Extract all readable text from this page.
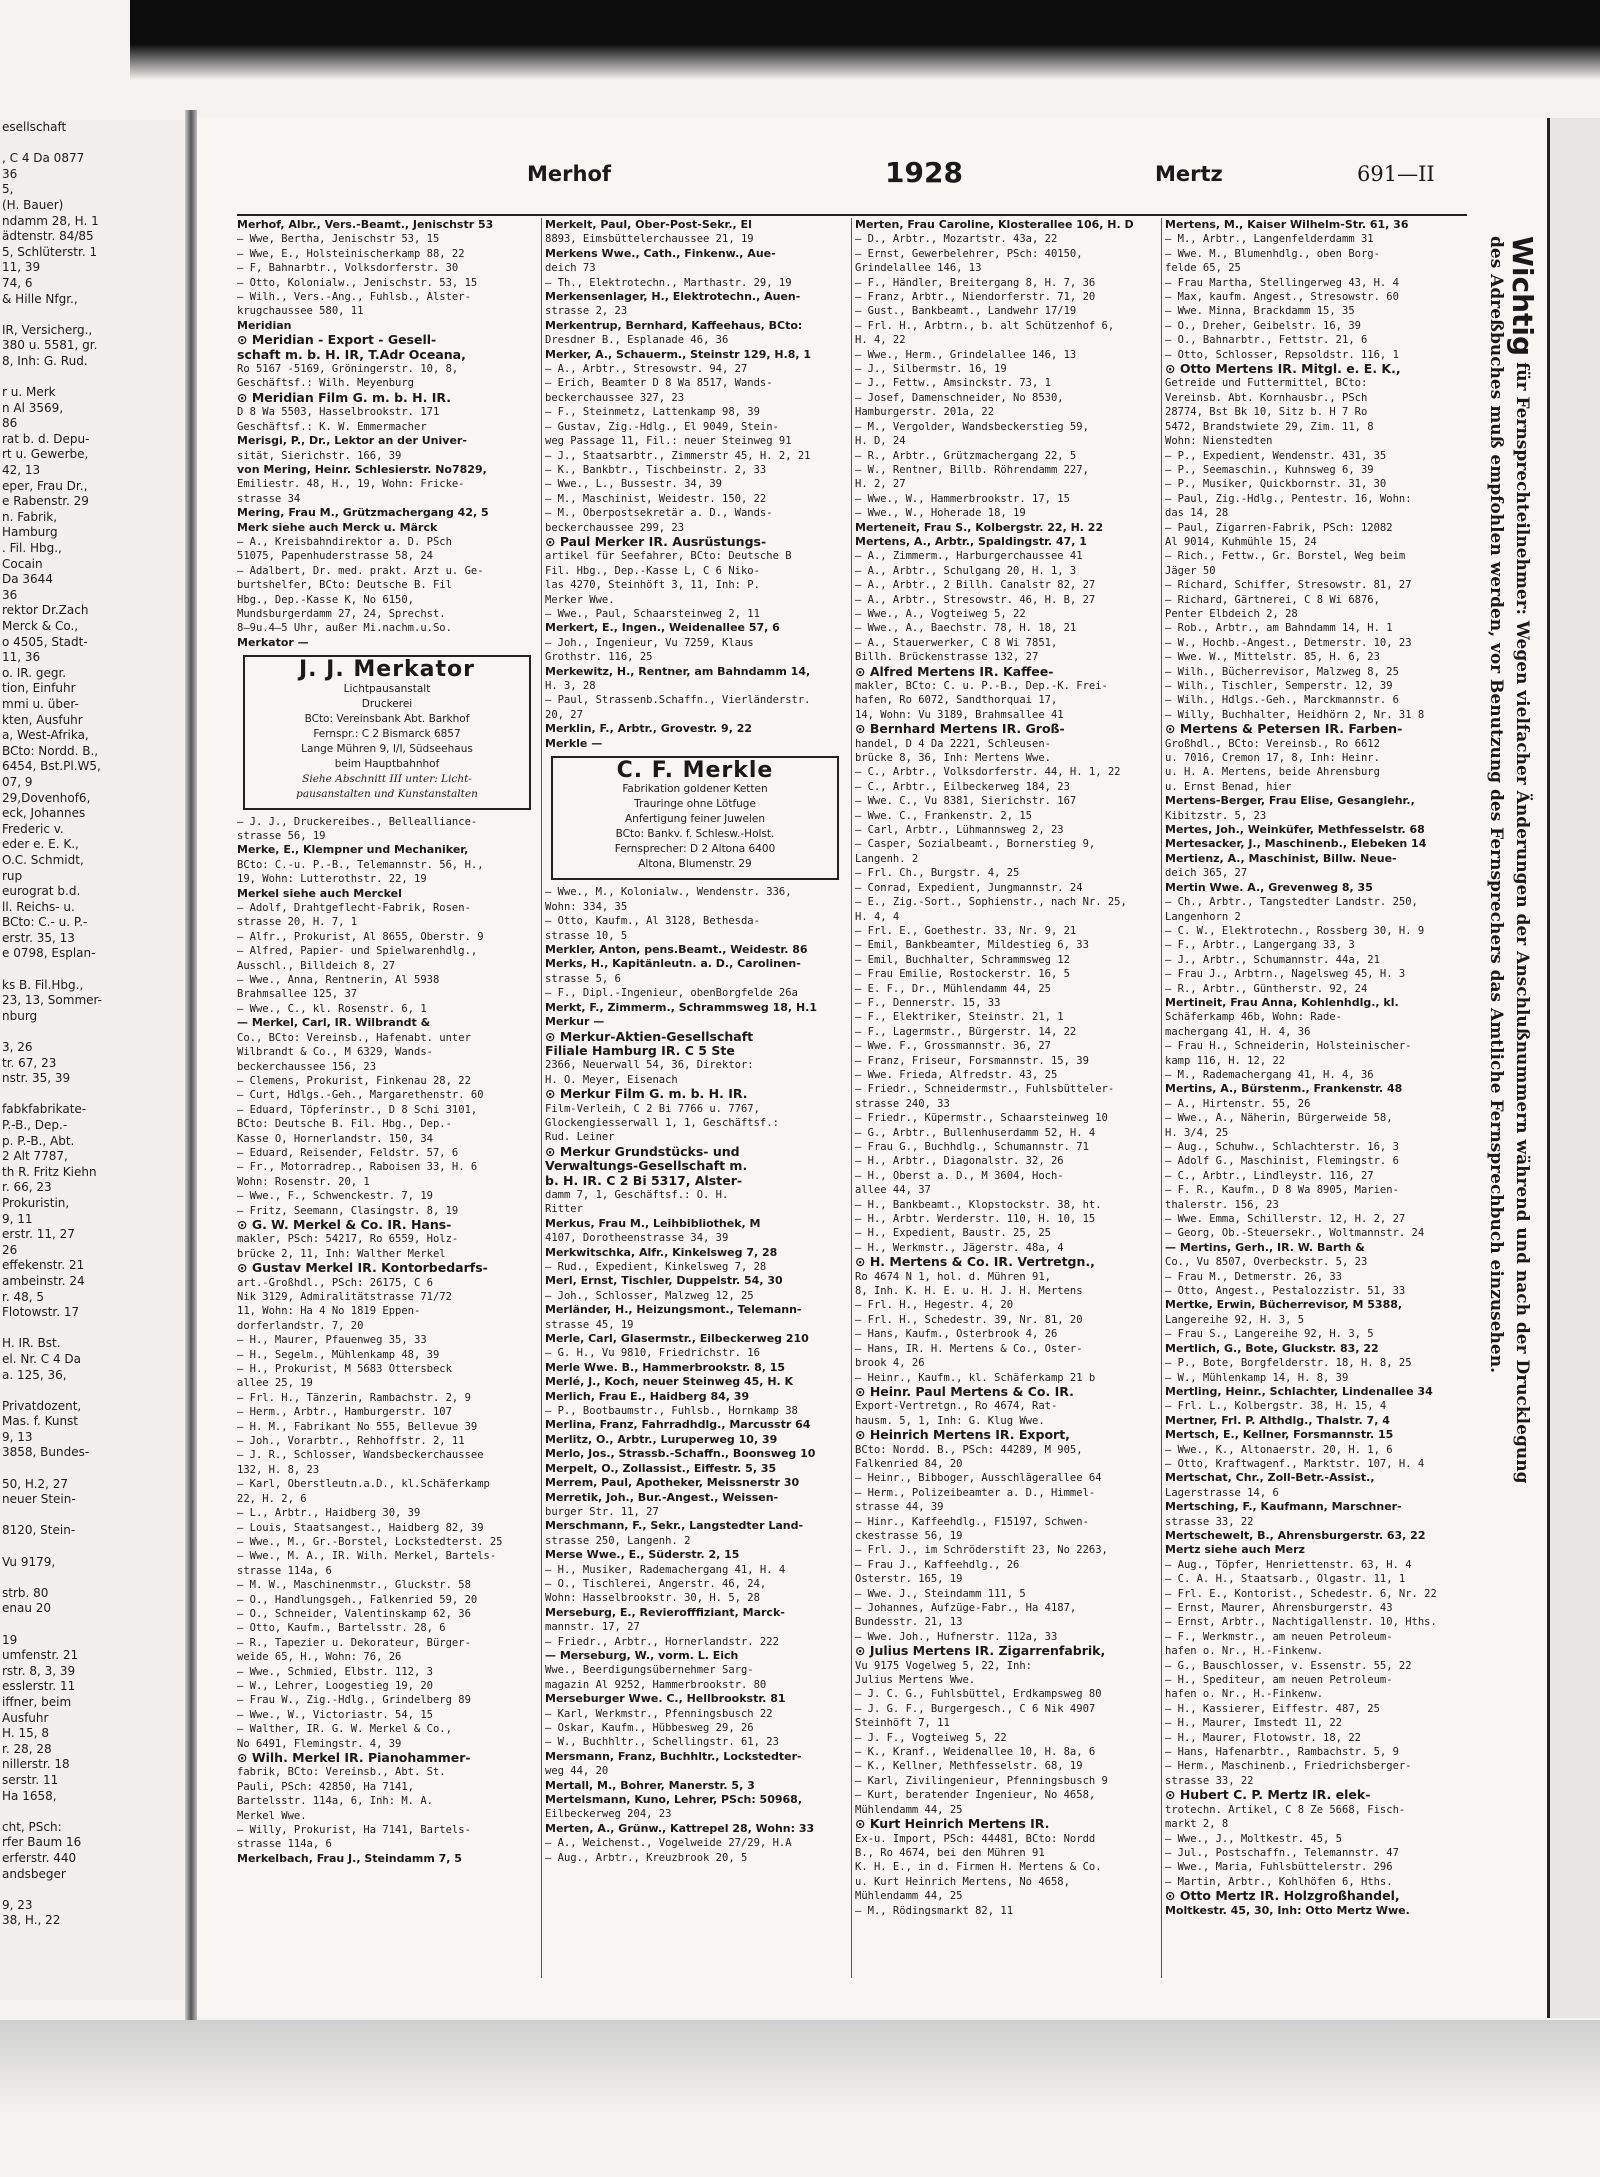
esellschaft

, C 4 Da 0877
36
5,
(H. Bauer)
ndamm 28, H. 1
ädtenstr. 84/85
5, Schlüterstr. 1
11, 39
74, 6
& Hille Nfgr.,

IR, Versicherg.,
380 u. 5581, gr.
8, Inh: G. Rud.

r u. Merk
n Al 3569,
86
rat b. d. Depu-
rt u. Gewerbe,
42, 13
eper, Frau Dr.,
e Rabenstr. 29
n. Fabrik,
Hamburg
. Fil. Hbg.,
Cocain
Da 3644
36
rektor Dr.Zach
Merck & Co.,
o 4505, Stadt-
11, 36
o. IR. gegr.
tion, Einfuhr
mmi u. über-
kten, Ausfuhr
a, West-Afrika,
BCto: Nordd. B.,
6454, Bst.Pl.W5,
07, 9
29,Dovenhof6,
eck, Johannes
Frederic v.
eder e. E. K.,
O.C. Schmidt,
rup
eurograt b.d.
ll. Reichs- u.
BCto: C.- u. P.-
erstr. 35, 13
e 0798, Esplan-

ks B. Fil.Hbg.,
23, 13, Sommer-
nburg

3, 26
tr. 67, 23
nstr. 35, 39

fabkfabrikate-
P.-B., Dep.-
p. P.-B., Abt.
2 Alt 7787,
th R. Fritz Kiehn
r. 66, 23
Prokuristin,
9, 11
erstr. 11, 27
26
effekenstr. 21
ambeinstr. 24
r. 48, 5
Flotowstr. 17

H. IR. Bst.
el. Nr. C 4 Da
a. 125, 36,

Privatdozent,
Mas. f. Kunst
9, 13
3858, Bundes-

50, H.2, 27
neuer Stein-

8120, Stein-

Vu 9179,

strb. 80
enau 20

19
umfenstr. 21
rstr. 8, 3, 39
esslerstr. 11
iffner, beim
Ausfuhr
H. 15, 8
r. 28, 28
nillerstr. 18
serstr. 11
Ha 1658,

cht, PSch:
rfer Baum 16
erferstr. 440
andsbeger

9, 23
38, H., 22
Merhof	1928	Mertz	691—II
Merhof, Albr., Vers.-Beamt., Jenischstr 53
— Wwe, Bertha, Jenischstr 53, 15
— Wwe, E., Holsteinischerkamp 88, 22
— F, Bahnarbtr., Volksdorferstr. 30
— Otto, Kolonialw., Jenischstr. 53, 15
— Wilh., Vers.-Ang., Fuhlsb., Alster-
krugchaussee 580, 11
Meridian
⊙ Meridian - Export - Gesell-
schaft m. b. H. IR, T.Adr Oceana,
Ro 5167 -5169, Gröningerstr. 10, 8,
Geschäftsf.: Wilh. Meyenburg
⊙ Meridian Film G. m. b. H. IR.
D 8 Wa 5503, Hasselbrookstr. 171
Geschäftsf.: K. W. Emmermacher
Merisgi, P., Dr., Lektor an der Univer-
sität, Sierichstr. 166, 39
von Mering, Heinr. Schlesierstr. No7829,
Emiliestr. 48, H., 19, Wohn: Fricke-
strasse 34
Mering, Frau M., Grützmachergang 42, 5
Merk siehe auch Merck u. Märck
— A., Kreisbahndirektor a. D. PSch
51075, Papenhuderstrasse 58, 24
— Adalbert, Dr. med. prakt. Arzt u. Ge-
burtshelfer, BCto: Deutsche B. Fil
Hbg., Dep.-Kasse K, No 6150,
Mundsburgerdamm 27, 24, Sprechst.
8—9u.4—5 Uhr, außer Mi.nachm.u.So.
Merkator —
J. J. Merkator
Lichtpausanstalt
Druckerei
BCto: Vereinsbank Abt. Barkhof
Fernspr.: C 2 Bismarck 6857
Lange Mühren 9, I/I, Südseehaus
beim Hauptbahnhof
Siehe Abschnitt III unter: Licht-
pausanstalten und Kunstanstalten
— J. J., Druckereibes., Bellealliance-
strasse 56, 19
Merke, E., Klempner und Mechaniker,
BCto: C.-u. P.-B., Telemannstr. 56, H.,
19, Wohn: Lutterothstr. 22, 19
Merkel siehe auch Merckel
— Adolf, Drahtgeflecht-Fabrik, Rosen-
strasse 20, H. 7, 1
— Alfr., Prokurist, Al 8655, Oberstr. 9
— Alfred, Papier- und Spielwarenhdlg.,
Ausschl., Billdeich 8, 27
— Wwe., Anna, Rentnerin, Al 5938
Brahmsallee 125, 37
— Wwe., C., kl. Rosenstr. 6, 1
— Merkel, Carl, IR. Wilbrandt &
Co., BCto: Vereinsb., Hafenabt. unter
Wilbrandt & Co., M 6329, Wands-
beckerchaussee 156, 23
— Clemens, Prokurist, Finkenau 28, 22
— Curt, Hdlgs.-Geh., Margarethenstr. 60
— Eduard, Töpferinstr., D 8 Schi 3101,
BCto: Deutsche B. Fil. Hbg., Dep.-
Kasse O, Hornerlandstr. 150, 34
— Eduard, Reisender, Feldstr. 57, 6
— Fr., Motorradrep., Raboisen 33, H. 6
Wohn: Rosenstr. 20, 1
— Wwe., F., Schwenckestr. 7, 19
— Fritz, Seemann, Clasingstr. 8, 19
⊙ G. W. Merkel & Co. IR. Hans-
makler, PSch: 54217, Ro 6559, Holz-
brücke 2, 11, Inh: Walther Merkel
⊙ Gustav Merkel IR. Kontorbedarfs-
art.-Großhdl., PSch: 26175, C 6
Nik 3129, Admiralitätstrasse 71/72
11, Wohn: Ha 4 No 1819 Eppen-
dorferlandstr. 7, 20
— H., Maurer, Pfauenweg 35, 33
— H., Segelm., Mühlenkamp 48, 39
— H., Prokurist, M 5683 Ottersbeck
allee 25, 19
— Frl. H., Tänzerin, Rambachstr. 2, 9
— Herm., Arbtr., Hamburgerstr. 107
— H. M., Fabrikant No 555, Bellevue 39
— Joh., Vorarbtr., Rehhoffstr. 2, 11
— J. R., Schlosser, Wandsbeckerchaussee
132, H. 8, 23
— Karl, Oberstleutn.a.D., kl.Schäferkamp
22, H. 2, 6
— L., Arbtr., Haidberg 30, 39
— Louis, Staatsangest., Haidberg 82, 39
— Wwe., M., Gr.-Borstel, Lockstedterst. 25
— Wwe., M. A., IR. Wilh. Merkel, Bartels-
strasse 114a, 6
— M. W., Maschinenmstr., Gluckstr. 58
— O., Handlungsgeh., Falkenried 59, 20
— O., Schneider, Valentinskamp 62, 36
— Otto, Kaufm., Bartelsstr. 28, 6
— R., Tapezier u. Dekorateur, Bürger-
weide 65, H., Wohn: 76, 26
— Wwe., Schmied, Elbstr. 112, 3
— W., Lehrer, Loogestieg 19, 20
— Frau W., Zig.-Hdlg., Grindelberg 89
— Wwe., W., Victoriastr. 54, 15
— Walther, IR. G. W. Merkel & Co.,
No 6491, Flemingstr. 4, 39
⊙ Wilh. Merkel IR. Pianohammer-
fabrik, BCto: Vereinsb., Abt. St.
Pauli, PSch: 42850, Ha 7141,
Bartelsstr. 114a, 6, Inh: M. A.
Merkel Wwe.
— Willy, Prokurist, Ha 7141, Bartels-
strasse 114a, 6
Merkelbach, Frau J., Steindamm 7, 5
Merkelt, Paul, Ober-Post-Sekr., El
8893, Eimsbüttelerchaussee 21, 19
Merkens Wwe., Cath., Finkenw., Aue-
deich 73
— Th., Elektrotechn., Marthastr. 29, 19
Merkensenlager, H., Elektrotechn., Auen-
strasse 2, 23
Merkentrup, Bernhard, Kaffeehaus, BCto:
Dresdner B., Esplanade 46, 36
Merker, A., Schauerm., Steinstr 129, H.8, 1
— A., Arbtr., Stresowstr. 94, 27
— Erich, Beamter D 8 Wa 8517, Wands-
beckerchaussee 327, 23
— F., Steinmetz, Lattenkamp 98, 39
— Gustav, Zig.-Hdlg., El 9049, Stein-
weg Passage 11, Fil.: neuer Steinweg 91
— J., Staatsarbtr., Zimmerstr 45, H. 2, 21
— K., Bankbtr., Tischbeinstr. 2, 33
— Wwe., L., Bussestr. 34, 39
— M., Maschinist, Weidestr. 150, 22
— M., Oberpostsekretär a. D., Wands-
beckerchaussee 299, 23
⊙ Paul Merker IR. Ausrüstungs-
artikel für Seefahrer, BCto: Deutsche B
Fil. Hbg., Dep.-Kasse L, C 6 Niko-
las 4270, Steinhöft 3, 11, Inh: P.
Merker Wwe.
— Wwe., Paul, Schaarsteinweg 2, 11
Merkert, E., Ingen., Weidenallee 57, 6
— Joh., Ingenieur, Vu 7259, Klaus
Grothstr. 116, 25
Merkewitz, H., Rentner, am Bahndamm 14,
H. 3, 28
— Paul, Strassenb.Schaffn., Vierländerstr.
20, 27
Merklin, F., Arbtr., Grovestr. 9, 22
Merkle —
C. F. Merkle
Fabrikation goldener Ketten
Trauringe ohne Lötfuge
Anfertigung feiner Juwelen
BCto: Bankv. f. Schlesw.-Holst.
Fernsprecher: D 2 Altona 6400
Altona, Blumenstr. 29
— Wwe., M., Kolonialw., Wendenstr. 336,
Wohn: 334, 35
— Otto, Kaufm., Al 3128, Bethesda-
strasse 10, 5
Merkler, Anton, pens.Beamt., Weidestr. 86
Merks, H., Kapitänleutn. a. D., Carolinen-
strasse 5, 6
— F., Dipl.-Ingenieur, obenBorgfelde 26a
Merkt, F., Zimmerm., Schrammsweg 18, H.1
Merkur —
⊙ Merkur-Aktien-Gesellschaft
Filiale Hamburg IR. C 5 Ste
2366, Neuerwall 54, 36, Direktor:
H. O. Meyer, Eisenach
⊙ Merkur Film G. m. b. H. IR.
Film-Verleih, C 2 Bi 7766 u. 7767,
Glockengiesserwall 1, 1, Geschäftsf.:
Rud. Leiner
⊙ Merkur Grundstücks- und
Verwaltungs-Gesellschaft m.
b. H. IR. C 2 Bi 5317, Alster-
damm 7, 1, Geschäftsf.: O. H.
Ritter
Merkus, Frau M., Leihbibliothek, M
4107, Dorotheenstrasse 34, 39
Merkwitschka, Alfr., Kinkelsweg 7, 28
— Rud., Expedient, Kinkelsweg 7, 28
Merl, Ernst, Tischler, Duppelstr. 54, 30
— Joh., Schlosser, Malzweg 12, 25
Merländer, H., Heizungsmont., Telemann-
strasse 45, 19
Merle, Carl, Glasermstr., Eilbeckerweg 210
— G. H., Vu 9810, Friedrichstr. 16
Merle Wwe. B., Hammerbrookstr. 8, 15
Merlé, J., Koch, neuer Steinweg 45, H. K
Merlich, Frau E., Haidberg 84, 39
— P., Bootbaumstr., Fuhlsb., Hornkamp 38
Merlina, Franz, Fahrradhdlg., Marcusstr 64
Merlitz, O., Arbtr., Luruperweg 10, 39
Merlo, Jos., Strassb.-Schaffn., Boonsweg 10
Merpelt, O., Zollassist., Eiffestr. 5, 35
Merrem, Paul, Apotheker, Meissnerstr 30
Merretik, Joh., Bur.-Angest., Weissen-
burger Str. 11, 27
Merschmann, F., Sekr., Langstedter Land-
strasse 250, Langenh. 2
Merse Wwe., E., Süderstr. 2, 15
— H., Musiker, Rademachergang 41, H. 4
— O., Tischlerei, Angerstr. 46, 24,
Wohn: Hasselbrookstr. 30, H. 5, 28
Merseburg, E., Revierofffiziant, Marck-
mannstr. 17, 27
— Friedr., Arbtr., Hornerlandstr. 222
— Merseburg, W., vorm. L. Eich
Wwe., Beerdigungsübernehmer Sarg-
magazin Al 9252, Hammerbrookstr. 80
Merseburger Wwe. C., Hellbrookstr. 81
— Karl, Werkmstr., Pfenningsbusch 22
— Oskar, Kaufm., Hübbesweg 29, 26
— W., Buchhltr., Schellingstr. 61, 23
Mersmann, Franz, Buchhltr., Lockstedter-
weg 44, 20
Mertall, M., Bohrer, Manerstr. 5, 3
Mertelsmann, Kuno, Lehrer, PSch: 50968,
Eilbeckerweg 204, 23
Merten, A., Grünw., Kattrepel 28, Wohn: 33
— A., Weichenst., Vogelweide 27/29, H.A
— Aug., Arbtr., Kreuzbrook 20, 5
Merten, Frau Caroline, Klosterallee 106, H. D
— D., Arbtr., Mozartstr. 43a, 22
— Ernst, Gewerbelehrer, PSch: 40150,
Grindelallee 146, 13
— F., Händler, Breitergang 8, H. 7, 36
— Franz, Arbtr., Niendorferstr. 71, 20
— Gust., Bankbeamt., Landwehr 17/19
— Frl. H., Arbtrn., b. alt Schützenhof 6,
H. 4, 22
— Wwe., Herm., Grindelallee 146, 13
— J., Silbermstr. 16, 19
— J., Fettw., Amsinckstr. 73, 1
— Josef, Damenschneider, No 8530,
Hamburgerstr. 201a, 22
— M., Vergolder, Wandsbeckerstieg 59,
H. D, 24
— R., Arbtr., Grützmachergang 22, 5
— W., Rentner, Billb. Röhrendamm 227,
H. 2, 27
— Wwe., W., Hammerbrookstr. 17, 15
— Wwe., W., Hoherade 18, 19
Merteneit, Frau S., Kolbergstr. 22, H. 22
Mertens, A., Arbtr., Spaldingstr. 47, 1
— A., Zimmerm., Harburgerchaussee 41
— A., Arbtr., Schulgang 20, H. 1, 3
— A., Arbtr., 2 Billh. Canalstr 82, 27
— A., Arbtr., Stresowstr. 46, H. B, 27
— Wwe., A., Vogteiweg 5, 22
— Wwe., A., Baechstr. 78, H. 18, 21
— A., Stauerwerker, C 8 Wi 7851,
Billh. Brückenstrasse 132, 27
⊙ Alfred Mertens IR. Kaffee-
makler, BCto: C. u. P.-B., Dep.-K. Frei-
hafen, Ro 6072, Sandthorquai 17,
14, Wohn: Vu 3189, Brahmsallee 41
⊙ Bernhard Mertens IR. Groß-
handel, D 4 Da 2221, Schleusen-
brücke 8, 36, Inh: Mertens Wwe.
— C., Arbtr., Volksdorferstr. 44, H. 1, 22
— C., Arbtr., Eilbeckerweg 184, 23
— Wwe. C., Vu 8381, Sierichstr. 167
— Wwe. C., Frankenstr. 2, 15
— Carl, Arbtr., Lühmannsweg 2, 23
— Casper, Sozialbeamt., Bornerstieg 9,
Langenh. 2
— Frl. Ch., Burgstr. 4, 25
— Conrad, Expedient, Jungmannstr. 24
— E., Zig.-Sort., Sophienstr., nach Nr. 25,
H. 4, 4
— Frl. E., Goethestr. 33, Nr. 9, 21
— Emil, Bankbeamter, Mildestieg 6, 33
— Emil, Buchhalter, Schrammsweg 12
— Frau Emilie, Rostockerstr. 16, 5
— E. F., Dr., Mühlendamm 44, 25
— F., Dennerstr. 15, 33
— F., Elektriker, Steinstr. 21, 1
— F., Lagermstr., Bürgerstr. 14, 22
— Wwe. F., Grossmannstr. 36, 27
— Franz, Friseur, Forsmannstr. 15, 39
— Wwe. Frieda, Alfredstr. 43, 25
— Friedr., Schneidermstr., Fuhlsbütteler-
strasse 240, 33
— Friedr., Küpermstr., Schaarsteinweg 10
— G., Arbtr., Bullenhuserdamm 52, H. 4
— Frau G., Buchhdlg., Schumannstr. 71
— H., Arbtr., Diagonalstr. 32, 26
— H., Oberst a. D., M 3604, Hoch-
allee 44, 37
— H., Bankbeamt., Klopstockstr. 38, ht.
— H., Arbtr. Werderstr. 110, H. 10, 15
— H., Expedient, Baustr. 25, 25
— H., Werkmstr., Jägerstr. 48a, 4
⊙ H. Mertens & Co. IR. Vertretgn.,
Ro 4674 N 1, hol. d. Mühren 91,
8, Inh. K. H. E. u. H. J. H. Mertens
— Frl. H., Hegestr. 4, 20
— Frl. H., Schedestr. 39, Nr. 81, 20
— Hans, Kaufm., Osterbrook 4, 26
— Hans, IR. H. Mertens & Co., Oster-
brook 4, 26
— Heinr., Kaufm., kl. Schäferkamp 21 b
⊙ Heinr. Paul Mertens & Co. IR.
Export-Vertretgn., Ro 4674, Rat-
hausm. 5, 1, Inh: G. Klug Wwe.
⊙ Heinrich Mertens IR. Export,
BCto: Nordd. B., PSch: 44289, M 905,
Falkenried 84, 20
— Heinr., Bibboger, Ausschlägerallee 64
— Herm., Polizeibeamter a. D., Himmel-
strasse 44, 39
— Hinr., Kaffeehdlg., F15197, Schwen-
ckestrasse 56, 19
— Frl. J., im Schröderstift 23, No 2263,
— Frau J., Kaffeehdlg., 26
Osterstr. 165, 19
— Wwe. J., Steindamm 111, 5
— Johannes, Aufzüge-Fabr., Ha 4187,
Bundesstr. 21, 13
— Wwe. Joh., Hufnerstr. 112a, 33
⊙ Julius Mertens IR. Zigarrenfabrik,
Vu 9175 Vogelweg 5, 22, Inh:
Julius Mertens Wwe.
— J. C. G., Fuhlsbüttel, Erdkampsweg 80
— J. G. F., Burgergesch., C 6 Nik 4907
Steinhöft 7, 11
— J. F., Vogteiweg 5, 22
— K., Kranf., Weidenallee 10, H. 8a, 6
— K., Kellner, Methfesselstr. 68, 19
— Karl, Zivilingenieur, Pfenningsbusch 9
— Kurt, beratender Ingenieur, No 4658,
Mühlendamm 44, 25
⊙ Kurt Heinrich Mertens IR.
Ex-u. Import, PSch: 44481, BCto: Nordd
B., Ro 4674, bei den Mühren 91
K. H. E., in d. Firmen H. Mertens & Co.
u. Kurt Heinrich Mertens, No 4658,
Mühlendamm 44, 25
— M., Rödingsmarkt 82, 11
Mertens, M., Kaiser Wilhelm-Str. 61, 36
— M., Arbtr., Langenfelderdamm 31
— Wwe. M., Blumenhdlg., oben Borg-
felde 65, 25
— Frau Martha, Stellingerweg 43, H. 4
— Max, kaufm. Angest., Stresowstr. 60
— Wwe. Minna, Brackdamm 15, 35
— O., Dreher, Geibelstr. 16, 39
— O., Bahnarbtr., Fettstr. 21, 6
— Otto, Schlosser, Repsoldstr. 116, 1
⊙ Otto Mertens IR. Mitgl. e. E. K.,
Getreide und Futtermittel, BCto:
Vereinsb. Abt. Kornhausbr., PSch
28774, Bst Bk 10, Sitz b. H 7 Ro
5472, Brandstwiete 29, Zim. 11, 8
Wohn: Nienstedten
— P., Expedient, Wendenstr. 431, 35
— P., Seemaschin., Kuhnsweg 6, 39
— P., Musiker, Quickbornstr. 31, 30
— Paul, Zig.-Hdlg., Pentestr. 16, Wohn:
das 14, 28
— Paul, Zigarren-Fabrik, PSch: 12082
Al 9014, Kuhmühle 15, 24
— Rich., Fettw., Gr. Borstel, Weg beim
Jäger 50
— Richard, Schiffer, Stresowstr. 81, 27
— Richard, Gärtnerei, C 8 Wi 6876,
Penter Elbdeich 2, 28
— Rob., Arbtr., am Bahndamm 14, H. 1
— W., Hochb.-Angest., Detmerstr. 10, 23
— Wwe. W., Mittelstr. 85, H. 6, 23
— Wilh., Bücherrevisor, Malzweg 8, 25
— Wilh., Tischler, Semperstr. 12, 39
— Wilh., Hdlgs.-Geh., Marckmannstr. 6
— Willy, Buchhalter, Heidhörn 2, Nr. 31 8
⊙ Mertens & Petersen IR. Farben-
Großhdl., BCto: Vereinsb., Ro 6612
u. 7016, Cremon 17, 8, Inh: Heinr.
u. H. A. Mertens, beide Ahrensburg
u. Ernst Benad, hier
Mertens-Berger, Frau Elise, Gesanglehr.,
Kibitzstr. 5, 23
Mertes, Joh., Weinküfer, Methfesselstr. 68
Mertesacker, J., Maschinenb., Elebeken 14
Mertienz, A., Maschinist, Billw. Neue-
deich 365, 27
Mertin Wwe. A., Grevenweg 8, 35
— Ch., Arbtr., Tangstedter Landstr. 250,
Langenhorn 2
— C. W., Elektrotechn., Rossberg 30, H. 9
— F., Arbtr., Langergang 33, 3
— J., Arbtr., Schumannstr. 44a, 21
— Frau J., Arbtrn., Nagelsweg 45, H. 3
— R., Arbtr., Güntherstr. 92, 24
Mertineit, Frau Anna, Kohlenhdlg., kl.
Schäferkamp 46b, Wohn: Rade-
machergang 41, H. 4, 36
— Frau H., Schneiderin, Holsteinischer-
kamp 116, H. 12, 22
— M., Rademachergang 41, H. 4, 36
Mertins, A., Bürstenm., Frankenstr. 48
— A., Hirtenstr. 55, 26
— Wwe., A., Näherin, Bürgerweide 58,
H. 3/4, 25
— Aug., Schuhw., Schlachterstr. 16, 3
— Adolf G., Maschinist, Flemingstr. 6
— C., Arbtr., Lindleystr. 116, 27
— F. R., Kaufm., D 8 Wa 8905, Marien-
thalerstr. 156, 23
— Wwe. Emma, Schillerstr. 12, H. 2, 27
— Georg, Ob.-Steuersekr., Woltmannstr. 24
— Mertins, Gerh., IR. W. Barth &
Co., Vu 8507, Overbeckstr. 5, 23
— Frau M., Detmerstr. 26, 33
— Otto, Angest., Pestalozzistr. 51, 33
Mertke, Erwin, Bücherrevisor, M 5388,
Langereihe 92, H. 3, 5
— Frau S., Langereihe 92, H. 3, 5
Mertlich, G., Bote, Gluckstr. 83, 22
— P., Bote, Borgfelderstr. 18, H. 8, 25
— W., Mühlenkamp 14, H. 8, 39
Mertling, Heinr., Schlachter, Lindenallee 34
— Frl. L., Kolbergstr. 38, H. 15, 4
Mertner, Frl. P. Althdlg., Thalstr. 7, 4
Mertsch, E., Kellner, Forsmannstr. 15
— Wwe., K., Altonaerstr. 20, H. 1, 6
— Otto, Kraftwagenf., Marktstr. 107, H. 4
Mertschat, Chr., Zoll-Betr.-Assist.,
Lagerstrasse 14, 6
Mertsching, F., Kaufmann, Marschner-
strasse 33, 22
Mertschewelt, B., Ahrensburgerstr. 63, 22
Mertz siehe auch Merz
— Aug., Töpfer, Henriettenstr. 63, H. 4
— C. A. H., Staatsarb., Olgastr. 11, 1
— Frl. E., Kontorist., Schedestr. 6, Nr. 22
— Ernst, Maurer, Ahrensburgerstr. 43
— Ernst, Arbtr., Nachtigallenstr. 10, Hths.
— F., Werkmstr., am neuen Petroleum-
hafen o. Nr., H.-Finkenw.
— G., Bauschlosser, v. Essenstr. 55, 22
— H., Spediteur, am neuen Petroleum-
hafen o. Nr., H.-Finkenw.
— H., Kassierer, Eiffestr. 487, 25
— H., Maurer, Imstedt 11, 22
— H., Maurer, Flotowstr. 18, 22
— Hans, Hafenarbtr., Rambachstr. 5, 9
— Herm., Maschinenb., Friedrichsberger-
strasse 33, 22
⊙ Hubert C. P. Mertz IR. elek-
trotechn. Artikel, C 8 Ze 5668, Fisch-
markt 2, 8
— Wwe., J., Moltkestr. 45, 5
— Jul., Postschaffn., Telemannstr. 47
— Wwe., Maria, Fuhlsbüttelerstr. 296
— Martin, Arbtr., Kohlhöfen 6, Hths.
⊙ Otto Mertz IR. Holzgroßhandel,
Moltkestr. 45, 30, Inh: Otto Mertz Wwe.
Wichtig für Fernsprechteilnehmer: Wegen vielfacher Änderungen der Anschlußnummern während und nach der Drucklegung
des Adreßbuches muß empfohlen werden, vor Benutzung des Fernsprechers das Amtliche Fernsprechbuch einzusehen.
